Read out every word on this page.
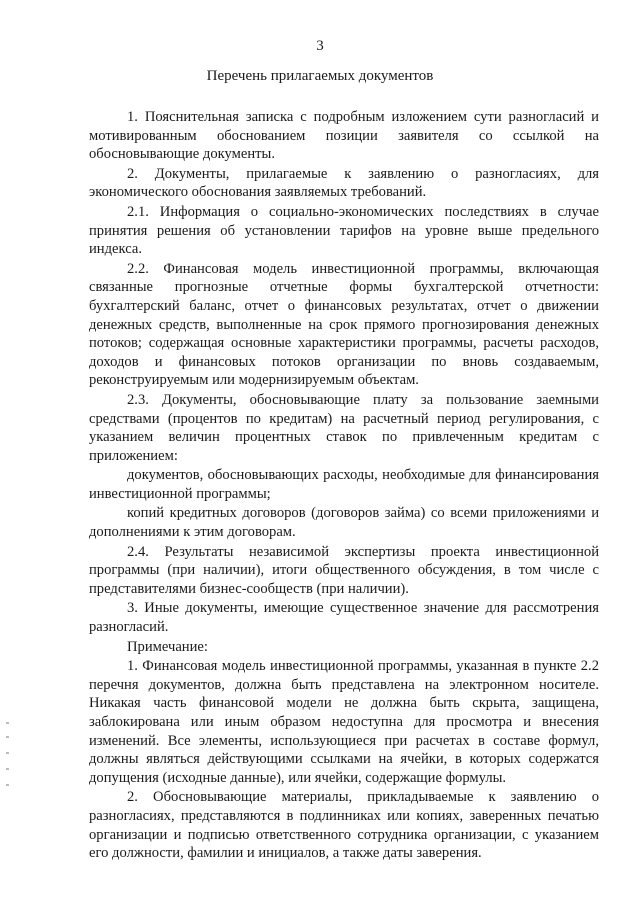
3
Перечень прилагаемых документов

1. Пояснительная записка с подробным изложением сути разногласий и мотивированным обоснованием позиции заявителя со ссылкой на обосновывающие документы.

2. Документы, прилагаемые к заявлению о разногласиях, для экономического обоснования заявляемых требований.

2.1. Информация о социально-экономических последствиях в случае принятия решения об установлении тарифов на уровне выше предельного индекса.

2.2. Финансовая модель инвестиционной программы, включающая связанные прогнозные отчетные формы бухгалтерской отчетности: бухгалтерский баланс, отчет о финансовых результатах, отчет о движении денежных средств, выполненные на срок прямого прогнозирования денежных потоков; содержащая основные характеристики программы, расчеты расходов, доходов и финансовых потоков организации по вновь создаваемым, реконструируемым или модернизируемым объектам.

2.3. Документы, обосновывающие плату за пользование заемными средствами (процентов по кредитам) на расчетный период регулирования, с указанием величин процентных ставок по привлеченным кредитам с приложением:

документов, обосновывающих расходы, необходимые для финансирования инвестиционной программы;

копий кредитных договоров (договоров займа) со всеми приложениями и дополнениями к этим договорам.

2.4. Результаты независимой экспертизы проекта инвестиционной программы (при наличии), итоги общественного обсуждения, в том числе с представителями бизнес-сообществ (при наличии).

3. Иные документы, имеющие существенное значение для рассмотрения разногласий.

Примечание:

1. Финансовая модель инвестиционной программы, указанная в пункте 2.2 перечня документов, должна быть представлена на электронном носителе. Никакая часть финансовой модели не должна быть скрыта, защищена, заблокирована или иным образом недоступна для просмотра и внесения изменений. Все элементы, использующиеся при расчетах в составе формул, должны являться действующими ссылками на ячейки, в которых содержатся допущения (исходные данные), или ячейки, содержащие формулы.

2. Обосновывающие материалы, прикладываемые к заявлению о разногласиях, представляются в подлинниках или копиях, заверенных печатью организации и подписью ответственного сотрудника организации, с указанием его должности, фамилии и инициалов, а также даты заверения.
